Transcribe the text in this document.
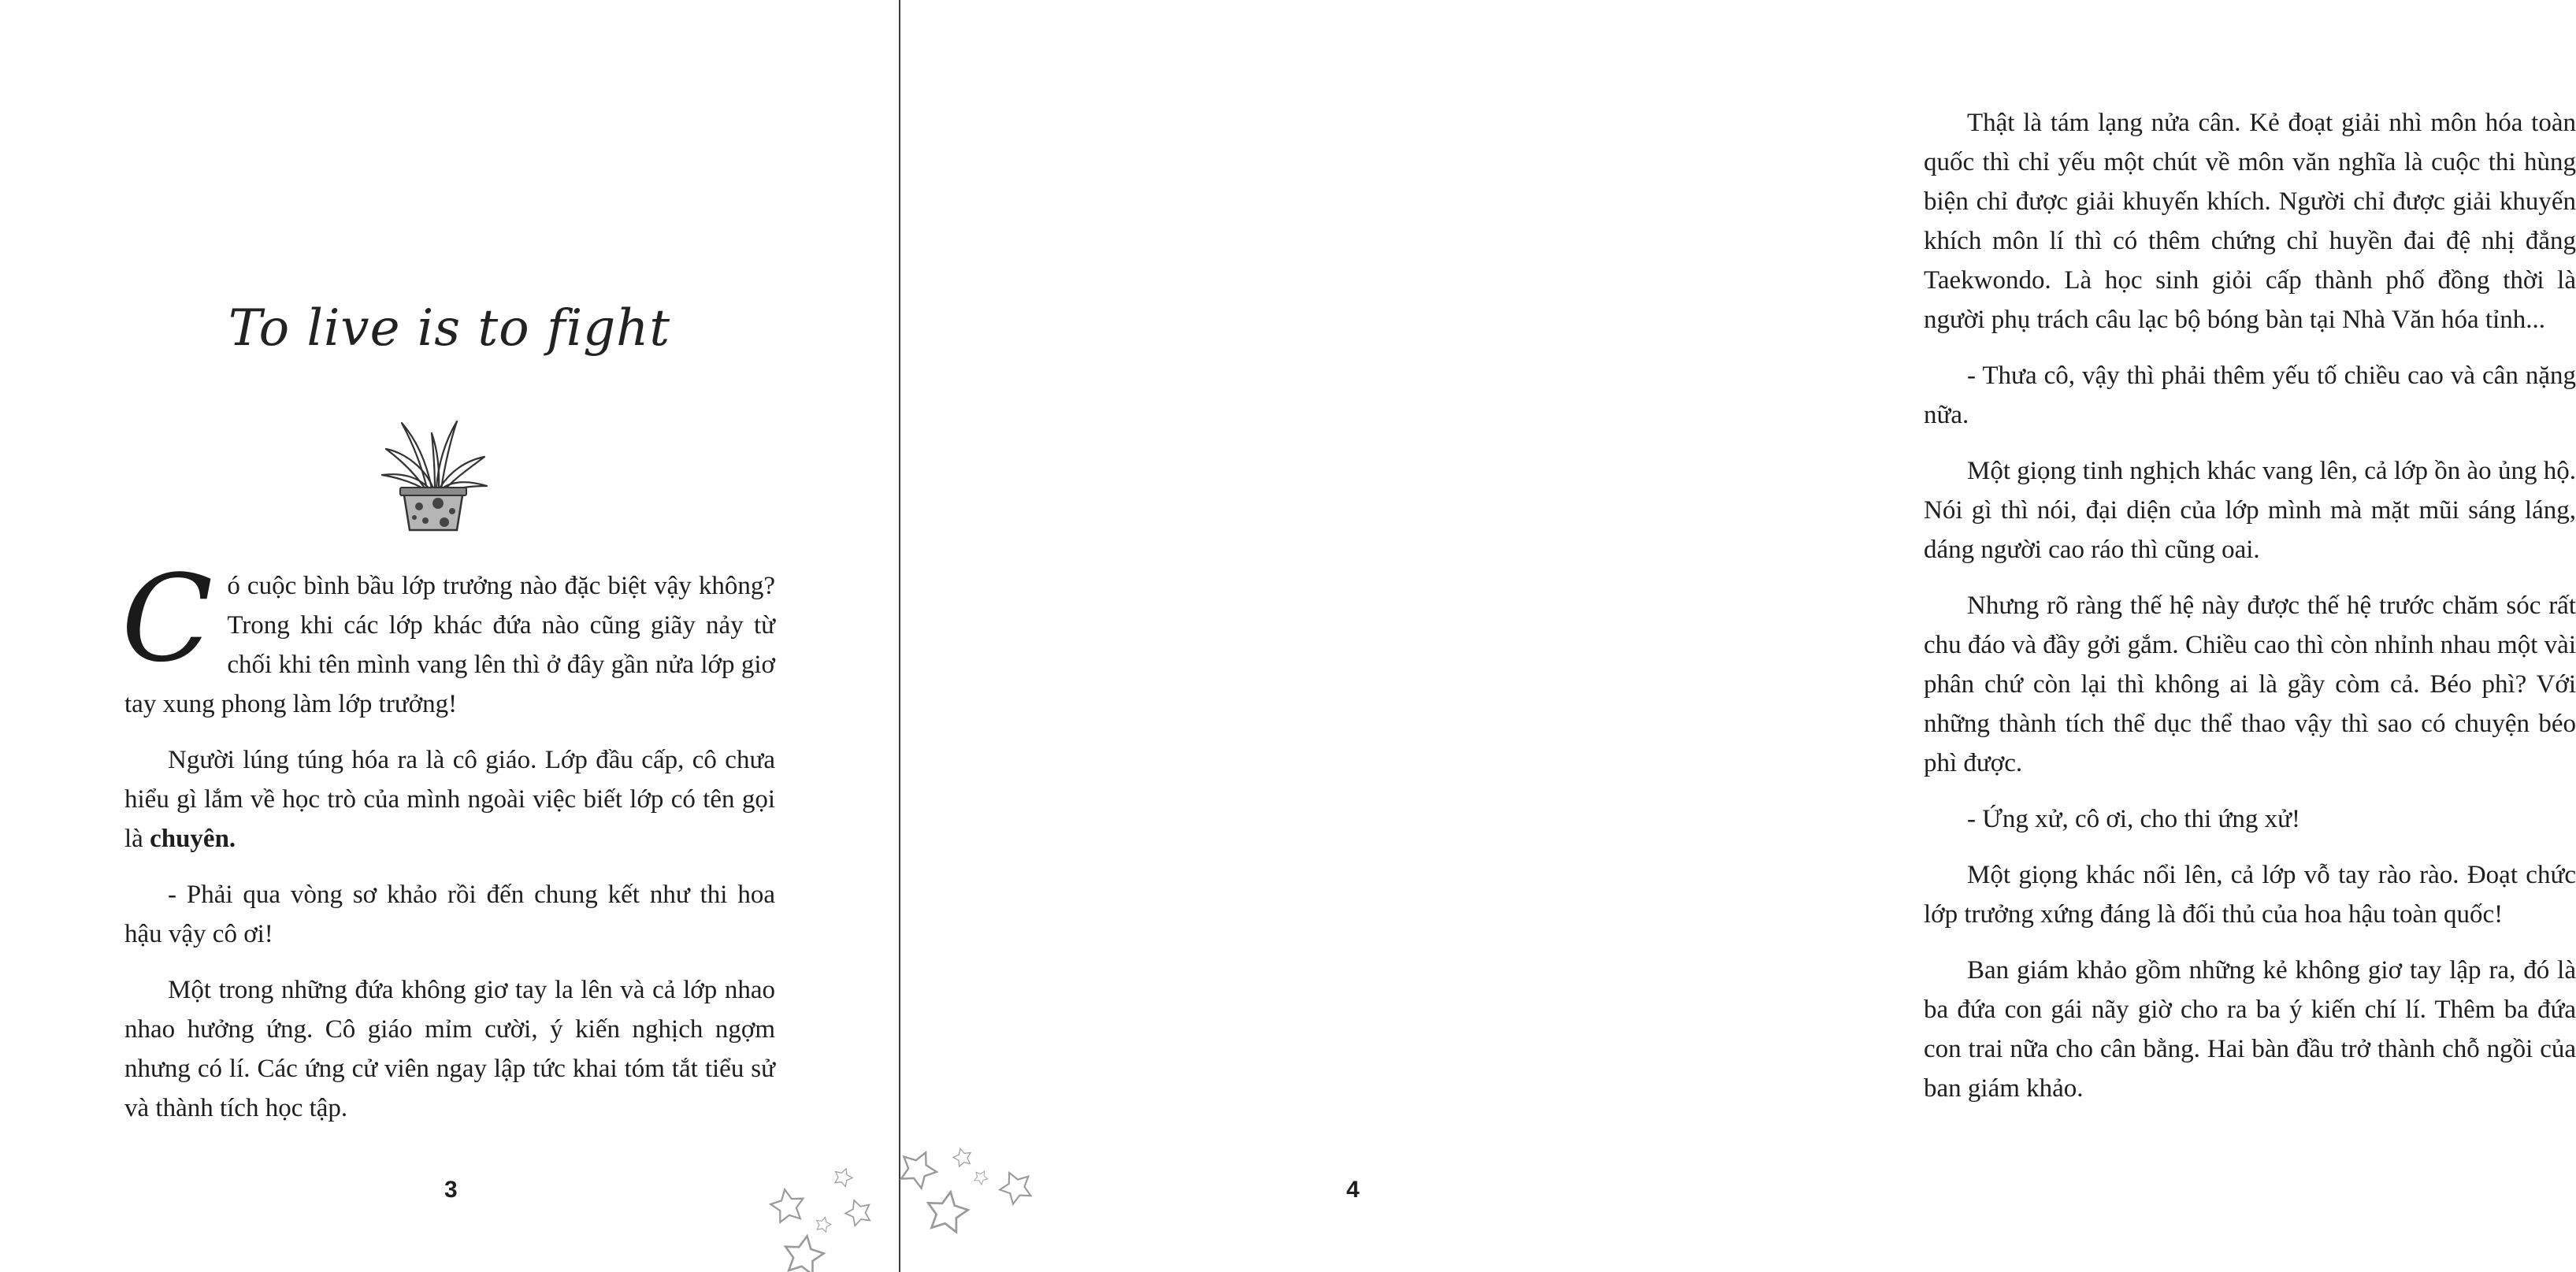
To live is to fight

Có cuộc bình bầu lớp trưởng nào đặc biệt vậy không? Trong khi các lớp khác đứa nào cũng giãy nảy từ chối khi tên mình vang lên thì ở đây gần nửa lớp giơ tay xung phong làm lớp trưởng!

Người lúng túng hóa ra là cô giáo. Lớp đầu cấp, cô chưa hiểu gì lắm về học trò của mình ngoài việc biết lớp có tên gọi là chuyên.

- Phải qua vòng sơ khảo rồi đến chung kết như thi hoa hậu vậy cô ơi!

Một trong những đứa không giơ tay la lên và cả lớp nhao nhao hưởng ứng. Cô giáo mỉm cười, ý kiến nghịch ngợm nhưng có lí. Các ứng cử viên ngay lập tức khai tóm tắt tiểu sử và thành tích học tập.

3

Thật là tám lạng nửa cân. Kẻ đoạt giải nhì môn hóa toàn quốc thì chỉ yếu một chút về môn văn nghĩa là cuộc thi hùng biện chỉ được giải khuyến khích. Người chỉ được giải khuyến khích môn lí thì có thêm chứng chỉ huyền đai đệ nhị đẳng Taekwondo. Là học sinh giỏi cấp thành phố đồng thời là người phụ trách câu lạc bộ bóng bàn tại Nhà Văn hóa tỉnh...

- Thưa cô, vậy thì phải thêm yếu tố chiều cao và cân nặng nữa.

Một giọng tinh nghịch khác vang lên, cả lớp ồn ào ủng hộ. Nói gì thì nói, đại diện của lớp mình mà mặt mũi sáng láng, dáng người cao ráo thì cũng oai.

Nhưng rõ ràng thế hệ này được thế hệ trước chăm sóc rất chu đáo và đầy gởi gắm. Chiều cao thì còn nhỉnh nhau một vài phân chứ còn lại thì không ai là gầy còm cả. Béo phì? Với những thành tích thể dục thể thao vậy thì sao có chuyện béo phì được.

- Ứng xử, cô ơi, cho thi ứng xử!

Một giọng khác nổi lên, cả lớp vỗ tay rào rào. Đoạt chức lớp trưởng xứng đáng là đối thủ của hoa hậu toàn quốc!

Ban giám khảo gồm những kẻ không giơ tay lập ra, đó là ba đứa con gái nãy giờ cho ra ba ý kiến chí lí. Thêm ba đứa con trai nữa cho cân bằng. Hai bàn đầu trở thành chỗ ngồi của ban giám khảo.

4
